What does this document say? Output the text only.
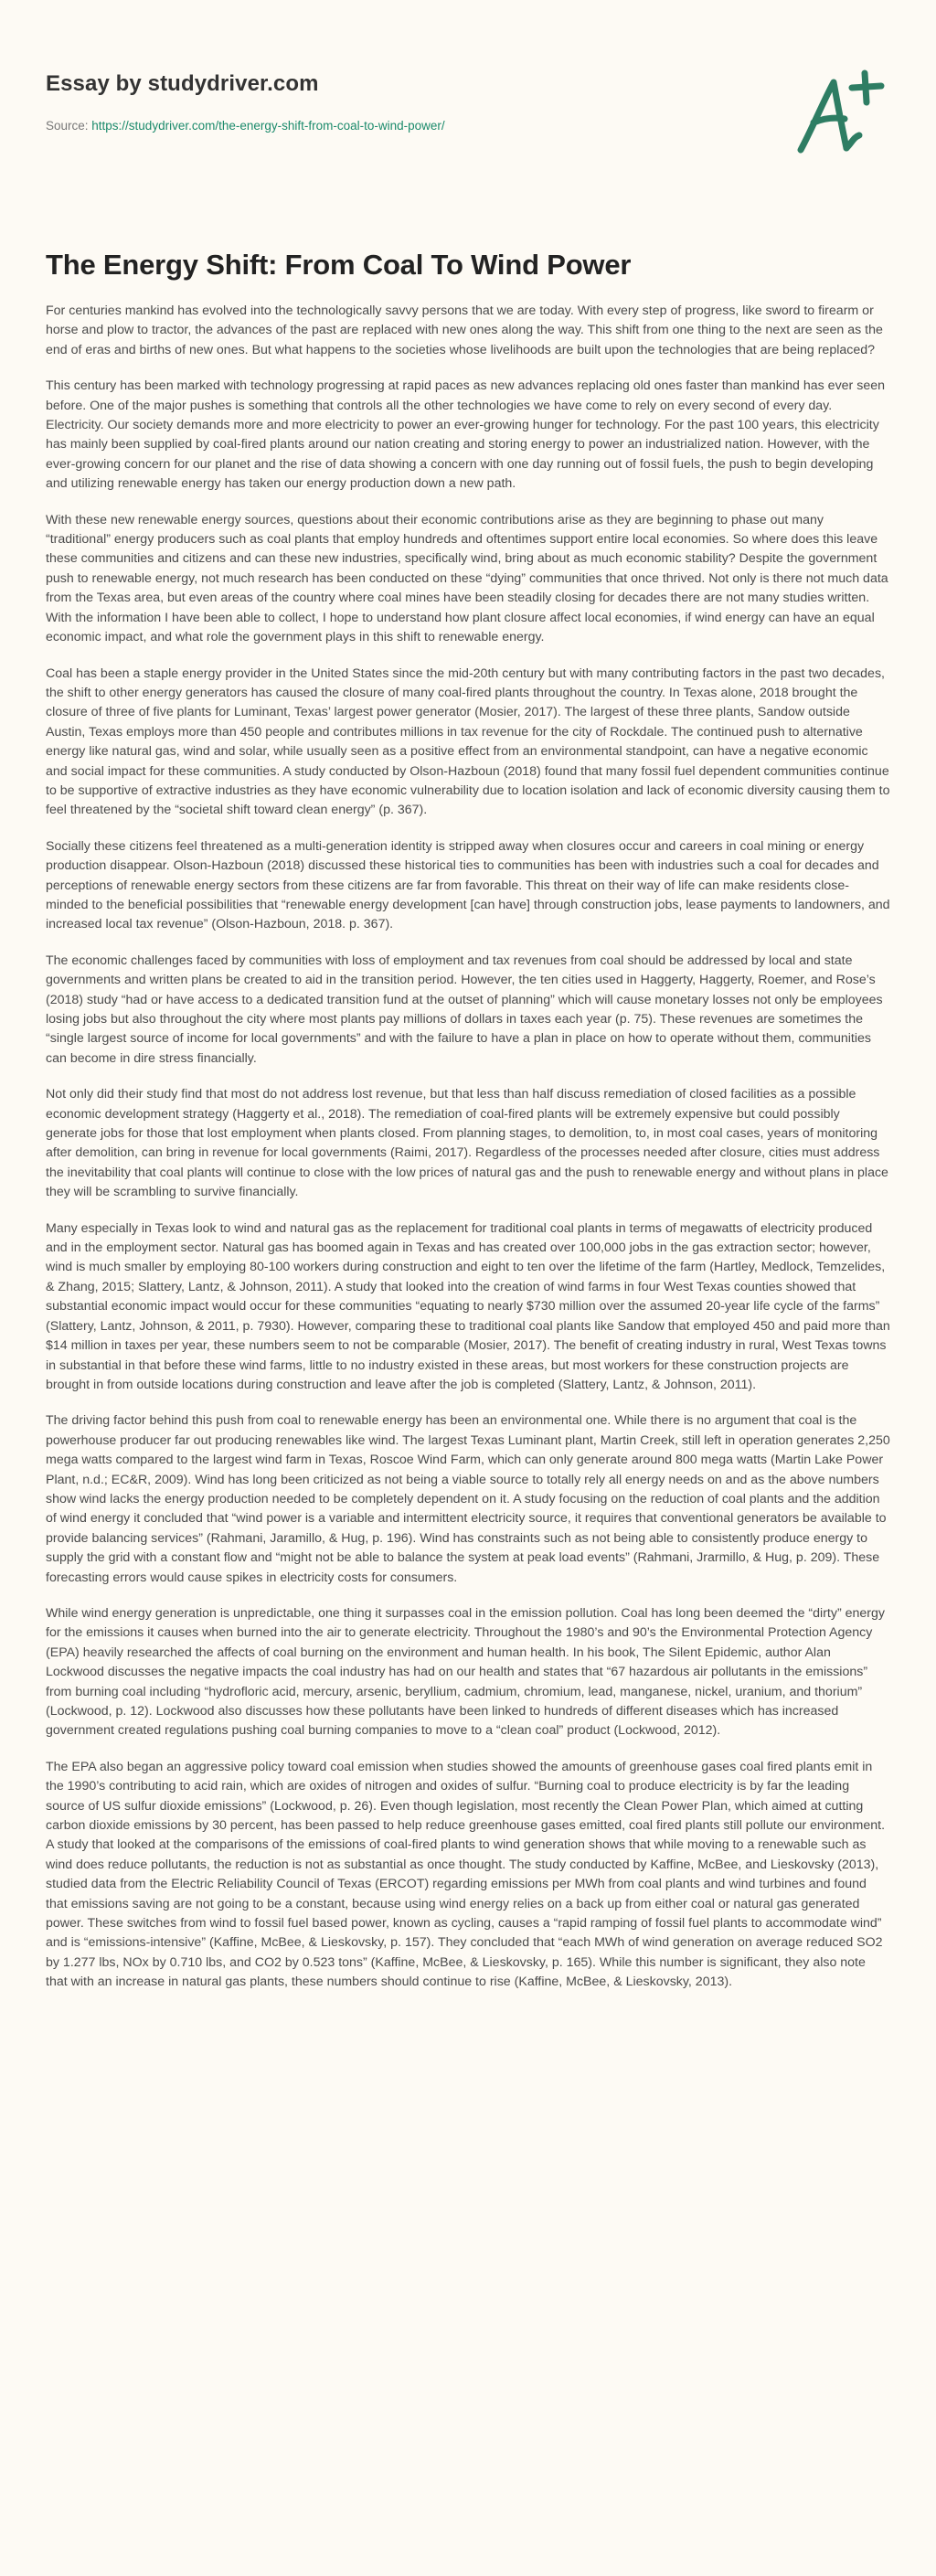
Essay by studydriver.com
Source: https://studydriver.com/the-energy-shift-from-coal-to-wind-power/
The Energy Shift: From Coal To Wind Power

For centuries mankind has evolved into the technologically savvy persons that we are today. With every step of progress, like sword to firearm or horse and plow to tractor, the advances of the past are replaced with new ones along the way. This shift from one thing to the next are seen as the end of eras and births of new ones. But what happens to the societies whose livelihoods are built upon the technologies that are being replaced?

This century has been marked with technology progressing at rapid paces as new advances replacing old ones faster than mankind has ever seen before. One of the major pushes is something that controls all the other technologies we have come to rely on every second of every day. Electricity. Our society demands more and more electricity to power an ever-growing hunger for technology. For the past 100 years, this electricity has mainly been supplied by coal-fired plants around our nation creating and storing energy to power an industrialized nation. However, with the ever-growing concern for our planet and the rise of data showing a concern with one day running out of fossil fuels, the push to begin developing and utilizing renewable energy has taken our energy production down a new path.

With these new renewable energy sources, questions about their economic contributions arise as they are beginning to phase out many “traditional” energy producers such as coal plants that employ hundreds and oftentimes support entire local economies. So where does this leave these communities and citizens and can these new industries, specifically wind, bring about as much economic stability? Despite the government push to renewable energy, not much research has been conducted on these “dying” communities that once thrived. Not only is there not much data from the Texas area, but even areas of the country where coal mines have been steadily closing for decades there are not many studies written. With the information I have been able to collect, I hope to understand how plant closure affect local economies, if wind energy can have an equal economic impact, and what role the government plays in this shift to renewable energy.

Coal has been a staple energy provider in the United States since the mid-20th century but with many contributing factors in the past two decades, the shift to other energy generators has caused the closure of many coal-fired plants throughout the country. In Texas alone, 2018 brought the closure of three of five plants for Luminant, Texas’ largest power generator (Mosier, 2017). The largest of these three plants, Sandow outside Austin, Texas employs more than 450 people and contributes millions in tax revenue for the city of Rockdale. The continued push to alternative energy like natural gas, wind and solar, while usually seen as a positive effect from an environmental standpoint, can have a negative economic and social impact for these communities. A study conducted by Olson-Hazboun (2018) found that many fossil fuel dependent communities continue to be supportive of extractive industries as they have economic vulnerability due to location isolation and lack of economic diversity causing them to feel threatened by the “societal shift toward clean energy” (p. 367).

Socially these citizens feel threatened as a multi-generation identity is stripped away when closures occur and careers in coal mining or energy production disappear. Olson-Hazboun (2018) discussed these historical ties to communities has been with industries such a coal for decades and perceptions of renewable energy sectors from these citizens are far from favorable. This threat on their way of life can make residents close-minded to the beneficial possibilities that “renewable energy development [can have] through construction jobs, lease payments to landowners, and increased local tax revenue” (Olson-Hazboun, 2018. p. 367).

The economic challenges faced by communities with loss of employment and tax revenues from coal should be addressed by local and state governments and written plans be created to aid in the transition period. However, the ten cities used in Haggerty, Haggerty, Roemer, and Rose’s (2018) study “had or have access to a dedicated transition fund at the outset of planning” which will cause monetary losses not only be employees losing jobs but also throughout the city where most plants pay millions of dollars in taxes each year (p. 75). These revenues are sometimes the “single largest source of income for local governments” and with the failure to have a plan in place on how to operate without them, communities can become in dire stress financially.

Not only did their study find that most do not address lost revenue, but that less than half discuss remediation of closed facilities as a possible economic development strategy (Haggerty et al., 2018). The remediation of coal-fired plants will be extremely expensive but could possibly generate jobs for those that lost employment when plants closed. From planning stages, to demolition, to, in most coal cases, years of monitoring after demolition, can bring in revenue for local governments (Raimi, 2017). Regardless of the processes needed after closure, cities must address the inevitability that coal plants will continue to close with the low prices of natural gas and the push to renewable energy and without plans in place they will be scrambling to survive financially.

Many especially in Texas look to wind and natural gas as the replacement for traditional coal plants in terms of megawatts of electricity produced and in the employment sector. Natural gas has boomed again in Texas and has created over 100,000 jobs in the gas extraction sector; however, wind is much smaller by employing 80-100 workers during construction and eight to ten over the lifetime of the farm (Hartley, Medlock, Temzelides, & Zhang, 2015; Slattery, Lantz, & Johnson, 2011). A study that looked into the creation of wind farms in four West Texas counties showed that substantial economic impact would occur for these communities “equating to nearly $730 million over the assumed 20-year life cycle of the farms” (Slattery, Lantz, Johnson, & 2011, p. 7930). However, comparing these to traditional coal plants like Sandow that employed 450 and paid more than $14 million in taxes per year, these numbers seem to not be comparable (Mosier, 2017). The benefit of creating industry in rural, West Texas towns in substantial in that before these wind farms, little to no industry existed in these areas, but most workers for these construction projects are brought in from outside locations during construction and leave after the job is completed (Slattery, Lantz, & Johnson, 2011).

The driving factor behind this push from coal to renewable energy has been an environmental one. While there is no argument that coal is the powerhouse producer far out producing renewables like wind. The largest Texas Luminant plant, Martin Creek, still left in operation generates 2,250 mega watts compared to the largest wind farm in Texas, Roscoe Wind Farm, which can only generate around 800 mega watts (Martin Lake Power Plant, n.d.; EC&R, 2009). Wind has long been criticized as not being a viable source to totally rely all energy needs on and as the above numbers show wind lacks the energy production needed to be completely dependent on it. A study focusing on the reduction of coal plants and the addition of wind energy it concluded that “wind power is a variable and intermittent electricity source, it requires that conventional generators be available to provide balancing services” (Rahmani, Jaramillo, & Hug, p. 196). Wind has constraints such as not being able to consistently produce energy to supply the grid with a constant flow and “might not be able to balance the system at peak load events” (Rahmani, Jrarmillo, & Hug, p. 209). These forecasting errors would cause spikes in electricity costs for consumers.

While wind energy generation is unpredictable, one thing it surpasses coal in the emission pollution. Coal has long been deemed the “dirty” energy for the emissions it causes when burned into the air to generate electricity. Throughout the 1980’s and 90’s the Environmental Protection Agency (EPA) heavily researched the affects of coal burning on the environment and human health. In his book, The Silent Epidemic, author Alan Lockwood discusses the negative impacts the coal industry has had on our health and states that “67 hazardous air pollutants in the emissions” from burning coal including “hydrofloric acid, mercury, arsenic, beryllium, cadmium, chromium, lead, manganese, nickel, uranium, and thorium” (Lockwood, p. 12). Lockwood also discusses how these pollutants have been linked to hundreds of different diseases which has increased government created regulations pushing coal burning companies to move to a “clean coal” product (Lockwood, 2012).

The EPA also began an aggressive policy toward coal emission when studies showed the amounts of greenhouse gases coal fired plants emit in the 1990’s contributing to acid rain, which are oxides of nitrogen and oxides of sulfur. “Burning coal to produce electricity is by far the leading source of US sulfur dioxide emissions” (Lockwood, p. 26). Even though legislation, most recently the Clean Power Plan, which aimed at cutting carbon dioxide emissions by 30 percent, has been passed to help reduce greenhouse gases emitted, coal fired plants still pollute our environment. A study that looked at the comparisons of the emissions of coal-fired plants to wind generation shows that while moving to a renewable such as wind does reduce pollutants, the reduction is not as substantial as once thought. The study conducted by Kaffine, McBee, and Lieskovsky (2013), studied data from the Electric Reliability Council of Texas (ERCOT) regarding emissions per MWh from coal plants and wind turbines and found that emissions saving are not going to be a constant, because using wind energy relies on a back up from either coal or natural gas generated power. These switches from wind to fossil fuel based power, known as cycling, causes a “rapid ramping of fossil fuel plants to accommodate wind” and is “emissions-intensive” (Kaffine, McBee, & Lieskovsky, p. 157). They concluded that “each MWh of wind generation on average reduced SO2 by 1.277 lbs, NOx by 0.710 lbs, and CO2 by 0.523 tons” (Kaffine, McBee, & Lieskovsky, p. 165). While this number is significant, they also note that with an increase in natural gas plants, these numbers should continue to rise (Kaffine, McBee, & Lieskovsky, 2013).
